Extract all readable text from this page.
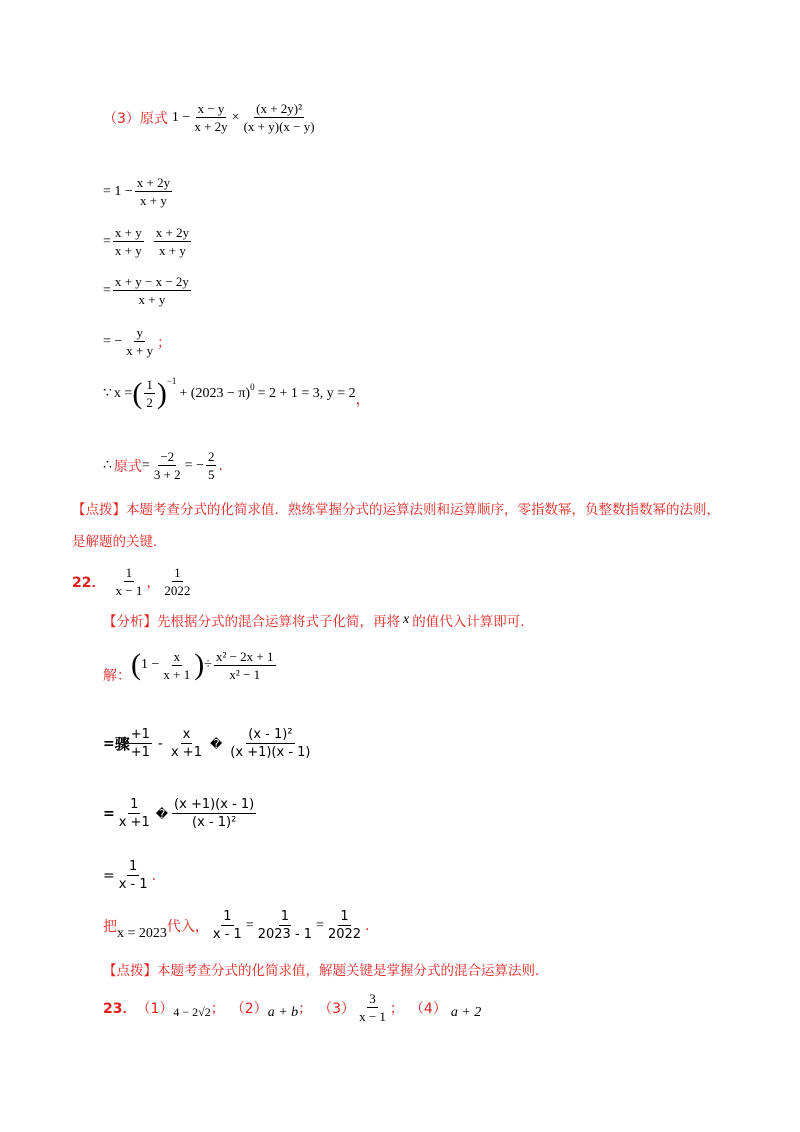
（3）原式 $1 - \frac{x - y}{x + 2y} \times \frac{\text{(x + 2y)²}}{(x + y)(x - y)}$
= $1 - \frac{x + 2y}{x + y}$
= $\frac{x + y}{x + y} \frac{x + 2y}{x + y}$
= $\frac{x + y - x - 2y}{x + y}$
= − $\frac{y}{x + y}$ ；
∵ x = ( $\frac{1}{2} )^{-1}$
+ $(2023 - \pi)^0 = 2 + 1 = 3$, y = 2 ，
∴ 原式 = $\frac{-2}{3 + 2}$ = − $\frac{2}{5}$ .
【点拨】本题考查分式的化简求值．熟练掌握分式的运算法则和运算顺序，零指数幂，负整数指数幂的法则，是解题的关键．
22． $\frac{1}{x - 1}$ ， $\frac{1}{2022}$
【分析】先根据分式的混合运算将式子化简，再将 x 的值代入计算即可．
解： ( $1 - \frac{x}{x + 1}$ ) ÷ $\frac{\text{x² − 2x + 1}}{\text{x² − 1}}$
= 骤 $\frac{+1}{+1} - \frac{x}{x +1}$ � $\frac{\text{(x - 1)²}}{(x +1)(x - 1)}$
= $\frac{1}{x +1}$ � $\frac{(x +1)(x - 1)}{\text{(x - 1)²}}$
= $\frac{1}{x - 1}$ .
把 x = 2023 代入， $\frac{1}{x - 1} = \frac{1}{2023 - 1} = \frac{1}{2022}$ .
【点拨】本题考查分式的化简求值，解题关键是掌握分式的混合运算法则．
23． （1） 4 − 2√2 ； （2） a + b ； $(3) \frac{3}{x - 1}$ ； （4） a + 2
